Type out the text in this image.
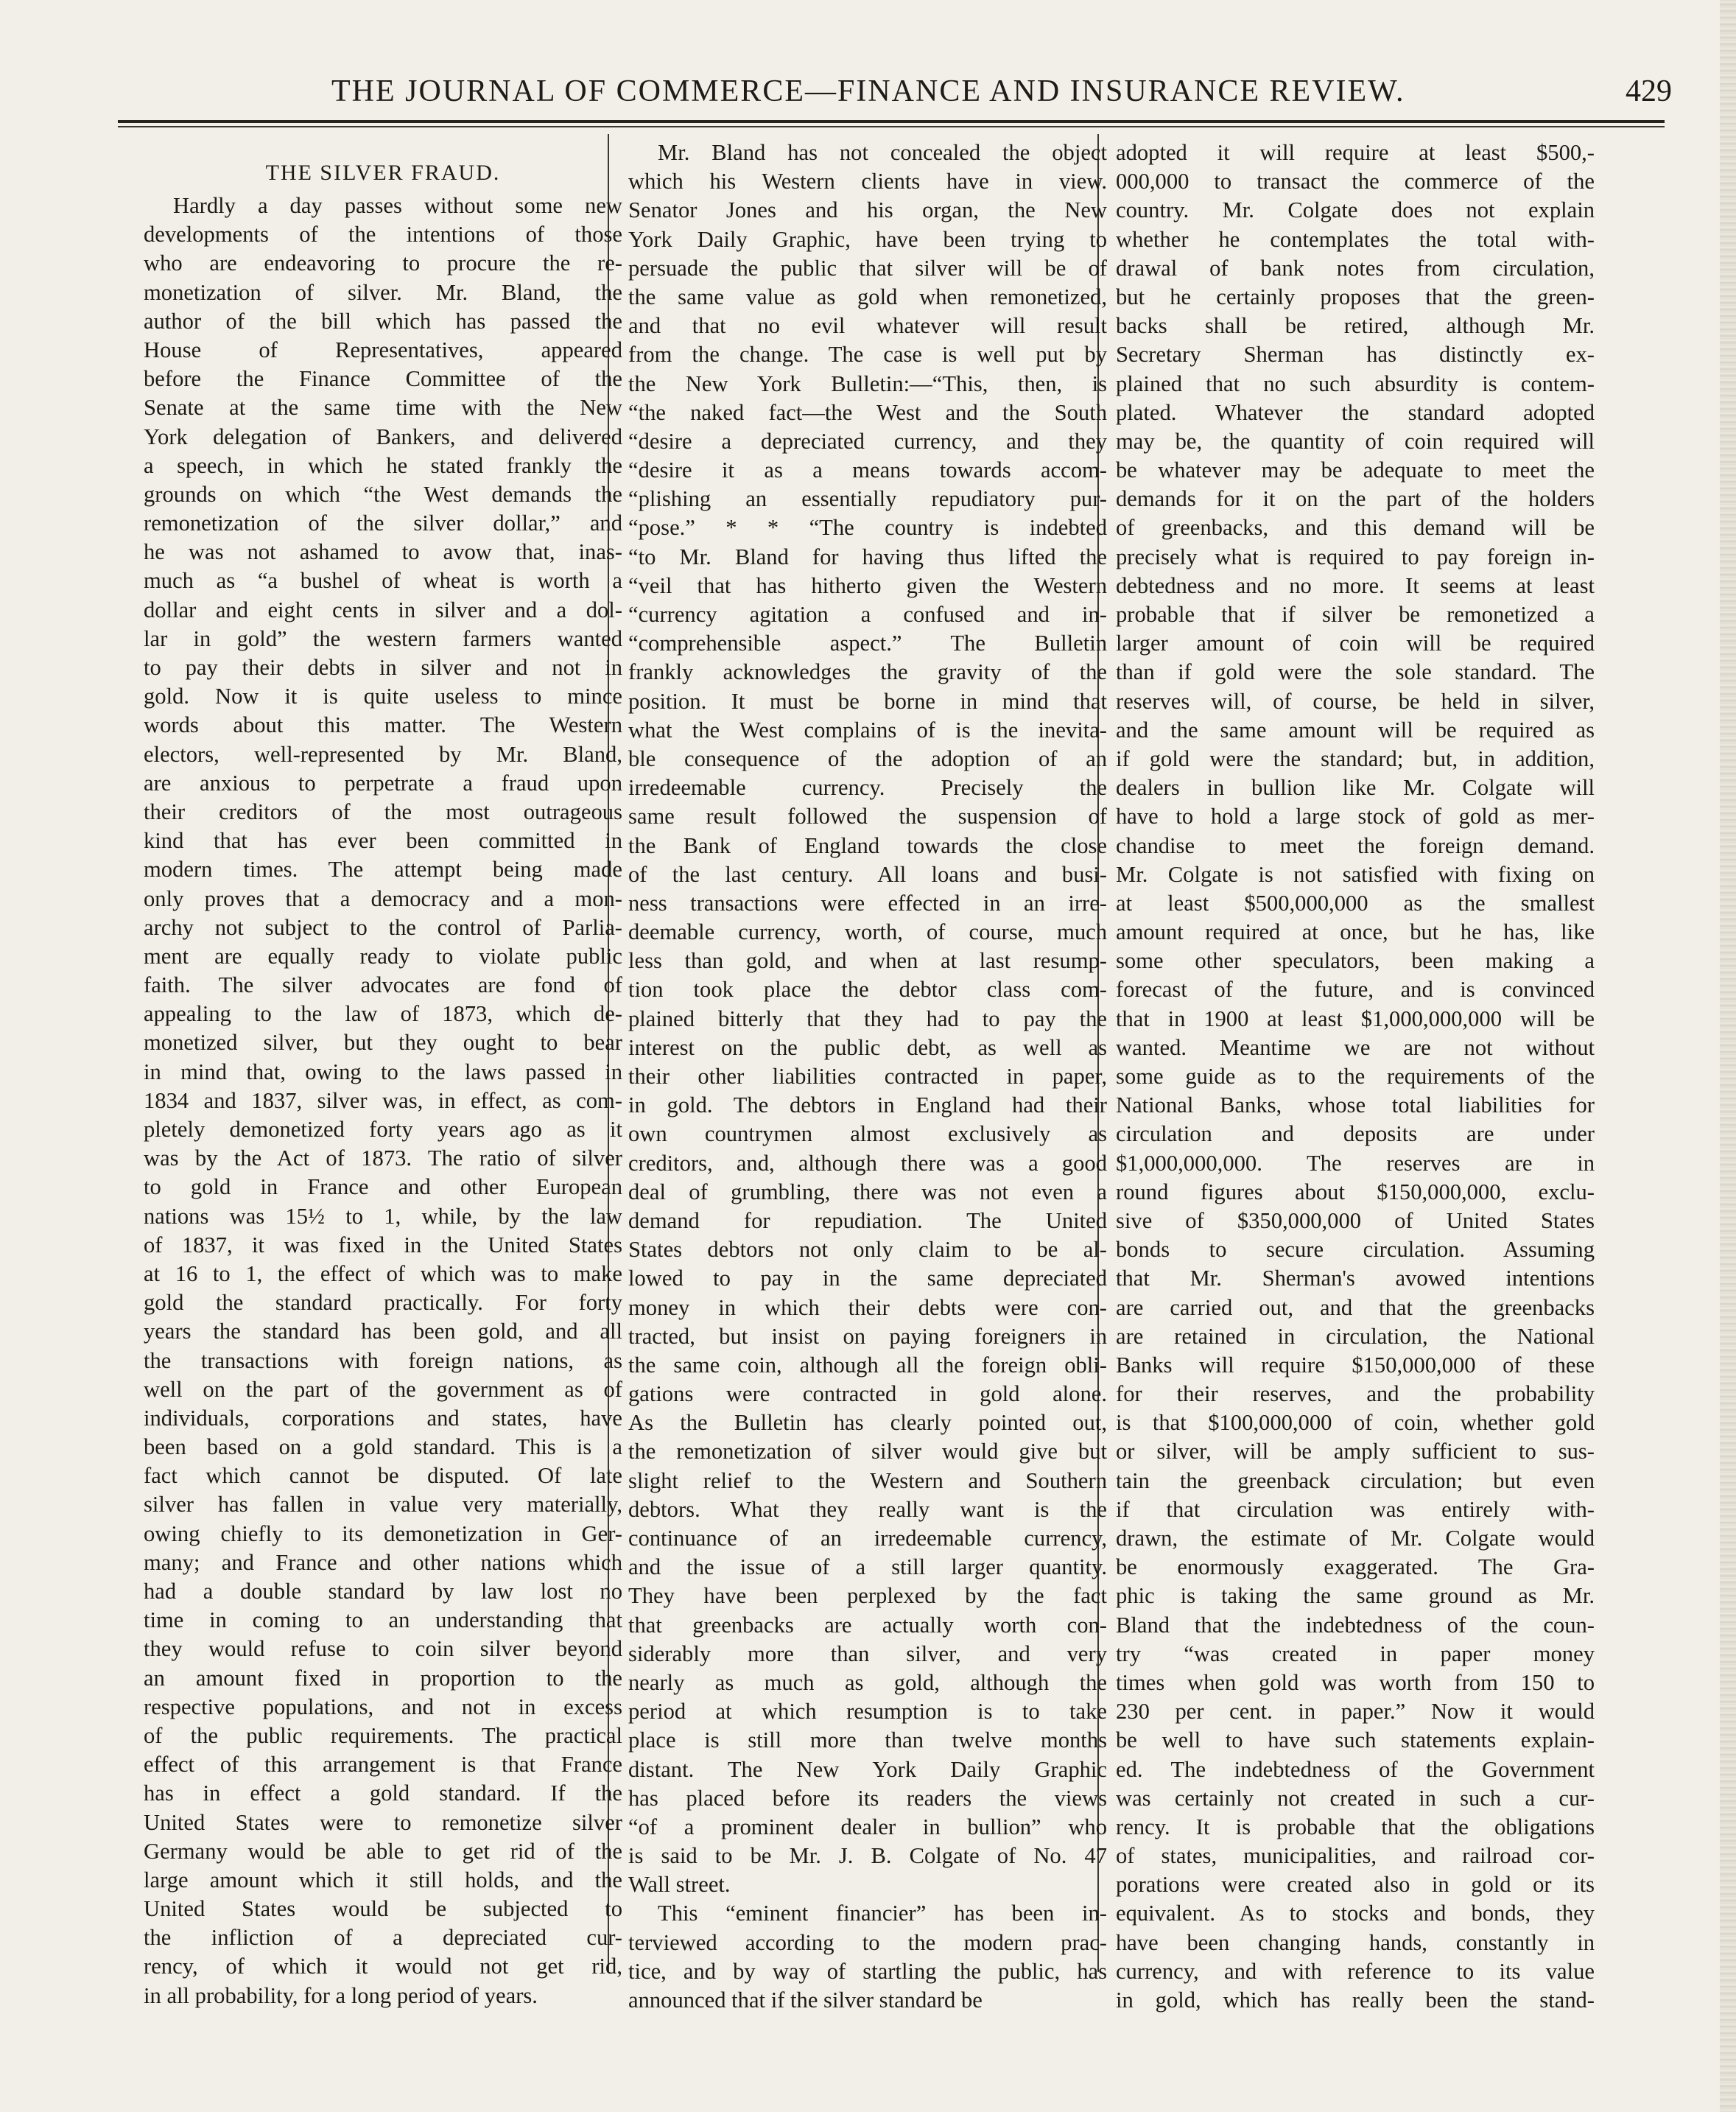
THE JOURNAL OF COMMERCE—FINANCE AND INSURANCE REVIEW.	429
THE SILVER FRAUD.
Hardly a day passes without some new
developments of the intentions of those
who are endeavoring to procure the re-
monetization of silver. Mr. Bland, the
author of the bill which has passed the
House of Representatives, appeared
before the Finance Committee of the
Senate at the same time with the New
York delegation of Bankers, and delivered
a speech, in which he stated frankly the
grounds on which “the West demands the
remonetization of the silver dollar,” and
he was not ashamed to avow that, inas-
much as “a bushel of wheat is worth a
dollar and eight cents in silver and a dol-
lar in gold” the western farmers wanted
to pay their debts in silver and not in
gold. Now it is quite useless to mince
words about this matter. The Western
electors, well-represented by Mr. Bland,
are anxious to perpetrate a fraud upon
their creditors of the most outrageous
kind that has ever been committed in
modern times. The attempt being made
only proves that a democracy and a mon-
archy not subject to the control of Parlia-
ment are equally ready to violate public
faith. The silver advocates are fond of
appealing to the law of 1873, which de-
monetized silver, but they ought to bear
in mind that, owing to the laws passed in
1834 and 1837, silver was, in effect, as com-
pletely demonetized forty years ago as it
was by the Act of 1873. The ratio of silver
to gold in France and other European
nations was 15½ to 1, while, by the law
of 1837, it was fixed in the United States
at 16 to 1, the effect of which was to make
gold the standard practically. For forty
years the standard has been gold, and all
the transactions with foreign nations, as
well on the part of the government as of
individuals, corporations and states, have
been based on a gold standard. This is a
fact which cannot be disputed. Of late
silver has fallen in value very materially,
owing chiefly to its demonetization in Ger-
many; and France and other nations which
had a double standard by law lost no
time in coming to an understanding that
they would refuse to coin silver beyond
an amount fixed in proportion to the
respective populations, and not in excess
of the public requirements. The practical
effect of this arrangement is that France
has in effect a gold standard. If the
United States were to remonetize silver
Germany would be able to get rid of the
large amount which it still holds, and the
United States would be subjected to
the infliction of a depreciated cur-
rency, of which it would not get rid,
in all probability, for a long period of years.
Mr. Bland has not concealed the object
which his Western clients have in view.
Senator Jones and his organ, the New
York Daily Graphic, have been trying to
persuade the public that silver will be of
the same value as gold when remonetized,
and that no evil whatever will result
from the change. The case is well put by
the New York Bulletin:—“This, then, is
“the naked fact—the West and the South
“desire a depreciated currency, and they
“desire it as a means towards accom-
“plishing an essentially repudiatory pur-
“pose.” * * “The country is indebted
“to Mr. Bland for having thus lifted the
“veil that has hitherto given the Western
“currency agitation a confused and in-
“comprehensible aspect.” The Bulletin
frankly acknowledges the gravity of the
position. It must be borne in mind that
what the West complains of is the inevita-
ble consequence of the adoption of an
irredeemable currency. Precisely the
same result followed the suspension of
the Bank of England towards the close
of the last century. All loans and busi-
ness transactions were effected in an irre-
deemable currency, worth, of course, much
less than gold, and when at last resump-
tion took place the debtor class com-
plained bitterly that they had to pay the
interest on the public debt, as well as
their other liabilities contracted in paper,
in gold. The debtors in England had their
own countrymen almost exclusively as
creditors, and, although there was a good
deal of grumbling, there was not even a
demand for repudiation. The United
States debtors not only claim to be al-
lowed to pay in the same depreciated
money in which their debts were con-
tracted, but insist on paying foreigners in
the same coin, although all the foreign obli-
gations were contracted in gold alone.
As the Bulletin has clearly pointed out,
the remonetization of silver would give but
slight relief to the Western and Southern
debtors. What they really want is the
continuance of an irredeemable currency,
and the issue of a still larger quantity.
They have been perplexed by the fact
that greenbacks are actually worth con-
siderably more than silver, and very
nearly as much as gold, although the
period at which resumption is to take
place is still more than twelve months
distant. The New York Daily Graphic
has placed before its readers the views
“of a prominent dealer in bullion” who
is said to be Mr. J. B. Colgate of No. 47
Wall street.
This “eminent financier” has been in-
terviewed according to the modern prac-
tice, and by way of startling the public, has
announced that if the silver standard be
adopted it will require at least $500,-
000,000 to transact the commerce of the
country. Mr. Colgate does not explain
whether he contemplates the total with-
drawal of bank notes from circulation,
but he certainly proposes that the green-
backs shall be retired, although Mr.
Secretary Sherman has distinctly ex-
plained that no such absurdity is contem-
plated. Whatever the standard adopted
may be, the quantity of coin required will
be whatever may be adequate to meet the
demands for it on the part of the holders
of greenbacks, and this demand will be
precisely what is required to pay foreign in-
debtedness and no more. It seems at least
probable that if silver be remonetized a
larger amount of coin will be required
than if gold were the sole standard. The
reserves will, of course, be held in silver,
and the same amount will be required as
if gold were the standard; but, in addition,
dealers in bullion like Mr. Colgate will
have to hold a large stock of gold as mer-
chandise to meet the foreign demand.
Mr. Colgate is not satisfied with fixing on
at least $500,000,000 as the smallest
amount required at once, but he has, like
some other speculators, been making a
forecast of the future, and is convinced
that in 1900 at least $1,000,000,000 will be
wanted. Meantime we are not without
some guide as to the requirements of the
National Banks, whose total liabilities for
circulation and deposits are under
$1,000,000,000. The reserves are in
round figures about $150,000,000, exclu-
sive of $350,000,000 of United States
bonds to secure circulation. Assuming
that Mr. Sherman's avowed intentions
are carried out, and that the greenbacks
are retained in circulation, the National
Banks will require $150,000,000 of these
for their reserves, and the probability
is that $100,000,000 of coin, whether gold
or silver, will be amply sufficient to sus-
tain the greenback circulation; but even
if that circulation was entirely with-
drawn, the estimate of Mr. Colgate would
be enormously exaggerated. The Gra-
phic is taking the same ground as Mr.
Bland that the indebtedness of the coun-
try “was created in paper money
times when gold was worth from 150 to
230 per cent. in paper.” Now it would
be well to have such statements explain-
ed. The indebtedness of the Government
was certainly not created in such a cur-
rency. It is probable that the obligations
of states, municipalities, and railroad cor-
porations were created also in gold or its
equivalent. As to stocks and bonds, they
have been changing hands, constantly in
currency, and with reference to its value
in gold, which has really been the stand-
